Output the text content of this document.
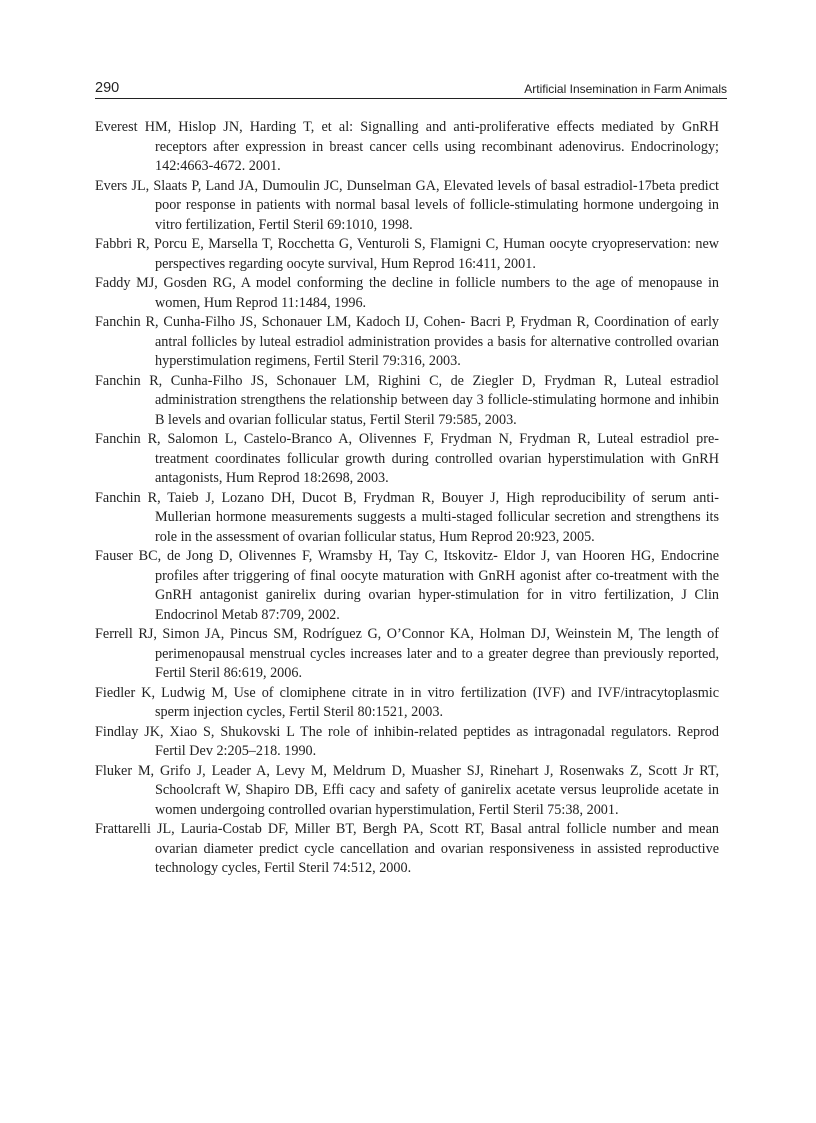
290	Artificial Insemination in Farm Animals

Everest HM, Hislop JN, Harding T, et al: Signalling and anti-proliferative effects mediated by GnRH receptors after expression in breast cancer cells using recombinant adenovirus. Endocrinology; 142:4663-4672. 2001.

Evers JL, Slaats P, Land JA, Dumoulin JC, Dunselman GA, Elevated levels of basal estradiol-17beta predict poor response in patients with normal basal levels of follicle-stimulating hormone undergoing in vitro fertilization, Fertil Steril 69:1010, 1998.

Fabbri R, Porcu E, Marsella T, Rocchetta G, Venturoli S, Flamigni C, Human oocyte cryopreservation: new perspectives regarding oocyte survival, Hum Reprod 16:411, 2001.

Faddy MJ, Gosden RG, A model conforming the decline in follicle numbers to the age of menopause in women, Hum Reprod 11:1484, 1996.

Fanchin R, Cunha-Filho JS, Schonauer LM, Kadoch IJ, Cohen- Bacri P, Frydman R, Coordination of early antral follicles by luteal estradiol administration provides a basis for alternative controlled ovarian hyperstimulation regimens, Fertil Steril 79:316, 2003.

Fanchin R, Cunha-Filho JS, Schonauer LM, Righini C, de Ziegler D, Frydman R, Luteal estradiol administration strengthens the relationship between day 3 follicle-stimulating hormone and inhibin B levels and ovarian follicular status, Fertil Steril 79:585, 2003.

Fanchin R, Salomon L, Castelo-Branco A, Olivennes F, Frydman N, Frydman R, Luteal estradiol pre-treatment coordinates follicular growth during controlled ovarian hyperstimulation with GnRH antagonists, Hum Reprod 18:2698, 2003.

Fanchin R, Taieb J, Lozano DH, Ducot B, Frydman R, Bouyer J, High reproducibility of serum anti-Mullerian hormone measurements suggests a multi-staged follicular secretion and strengthens its role in the assessment of ovarian follicular status, Hum Reprod 20:923, 2005.

Fauser BC, de Jong D, Olivennes F, Wramsby H, Tay C, Itskovitz- Eldor J, van Hooren HG, Endocrine profiles after triggering of final oocyte maturation with GnRH agonist after co-treatment with the GnRH antagonist ganirelix during ovarian hyper-stimulation for in vitro fertilization, J Clin Endocrinol Metab 87:709, 2002.

Ferrell RJ, Simon JA, Pincus SM, Rodríguez G, O’Connor KA, Holman DJ, Weinstein M, The length of perimenopausal menstrual cycles increases later and to a greater degree than previously reported, Fertil Steril 86:619, 2006.

Fiedler K, Ludwig M, Use of clomiphene citrate in in vitro fertilization (IVF) and IVF/intracytoplasmic sperm injection cycles, Fertil Steril 80:1521, 2003.

Findlay JK, Xiao S, Shukovski L The role of inhibin-related peptides as intragonadal regulators. Reprod Fertil Dev 2:205–218. 1990.

Fluker M, Grifo J, Leader A, Levy M, Meldrum D, Muasher SJ, Rinehart J, Rosenwaks Z, Scott Jr RT, Schoolcraft W, Shapiro DB, Effi cacy and safety of ganirelix acetate versus leuprolide acetate in women undergoing controlled ovarian hyperstimulation, Fertil Steril 75:38, 2001.

Frattarelli JL, Lauria-Costab DF, Miller BT, Bergh PA, Scott RT, Basal antral follicle number and mean ovarian diameter predict cycle cancellation and ovarian responsiveness in assisted reproductive technology cycles, Fertil Steril 74:512, 2000.
